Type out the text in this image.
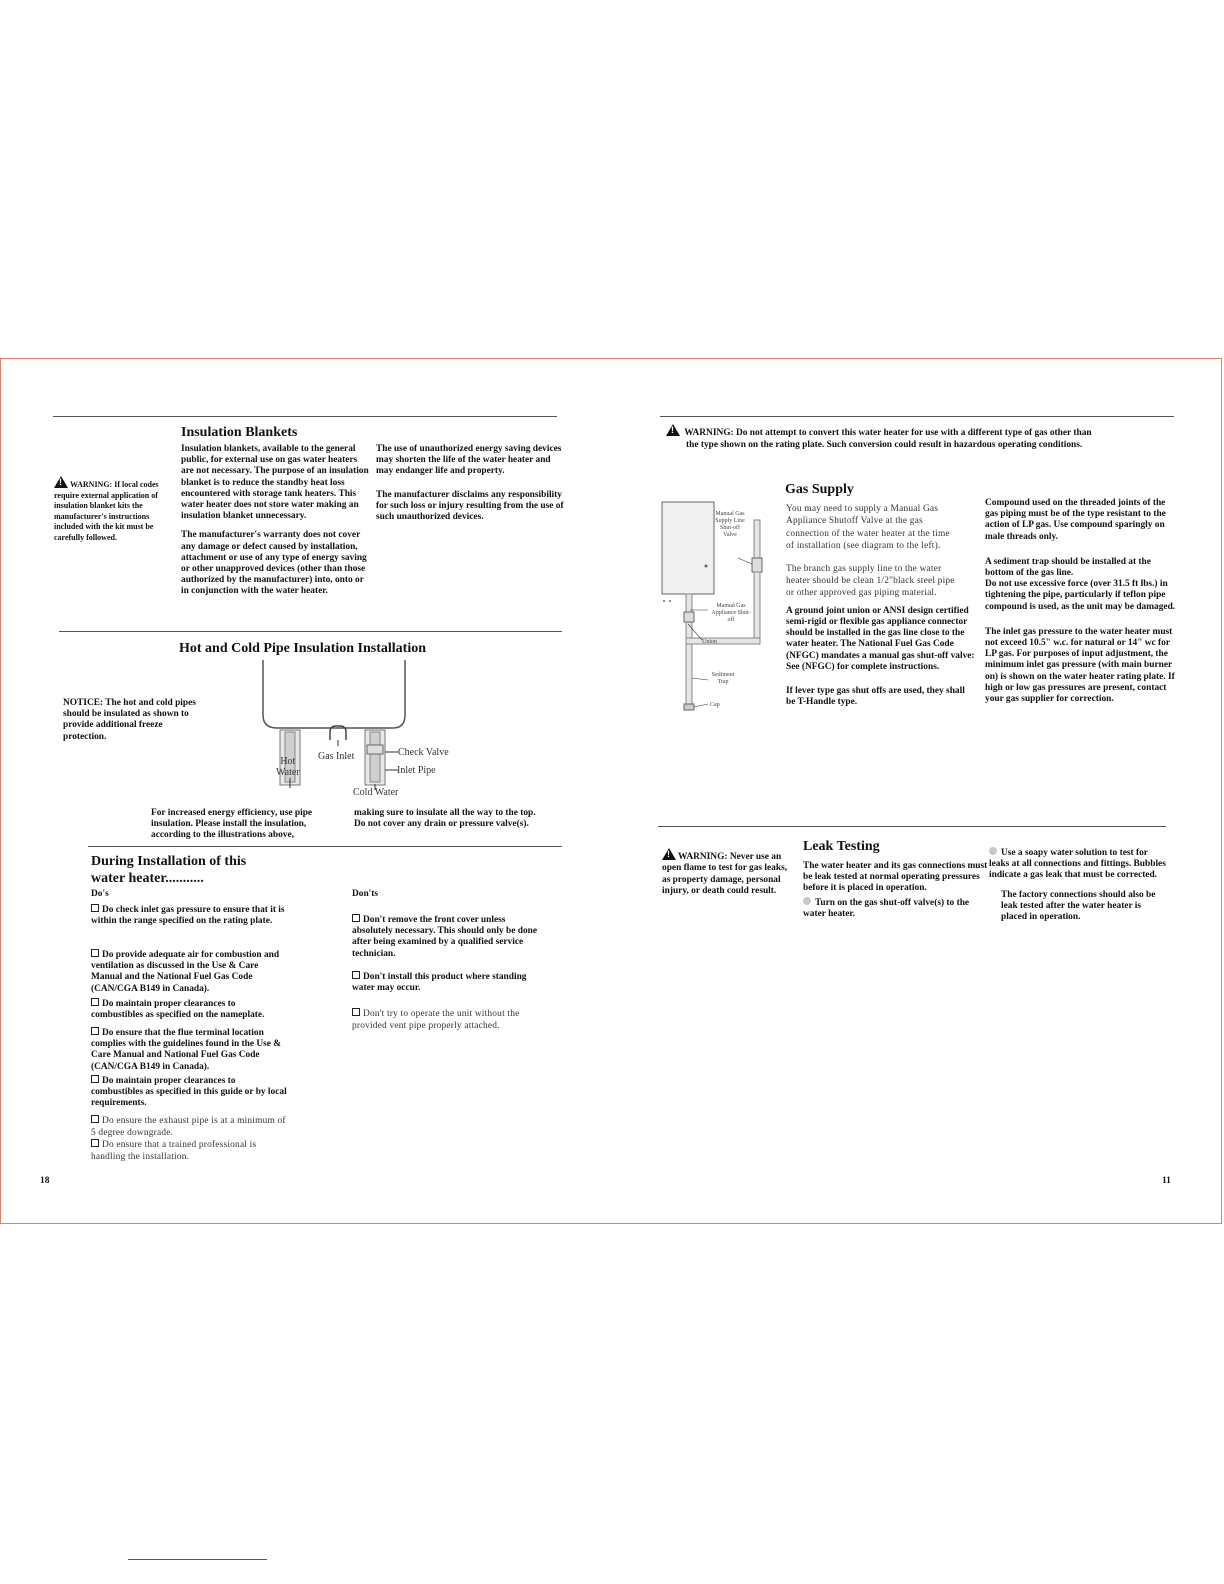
Insulation Blankets
!WARNING: If local codes require external application of insulation blanket kits the manufacturer's instructions included with the kit must be carefully followed.

Insulation blankets, available to the general public, for external use on gas water heaters are not necessary. The purpose of an insulation blanket is to reduce the standby heat loss encountered with storage tank heaters. This water heater does not store water making an insulation blanket unnecessary.

The manufacturer's warranty does not cover any damage or defect caused by installation, attachment or use of any type of energy saving or other unapproved devices (other than those authorized by the manufacturer) into, onto or in conjunction with the water heater.

The use of unauthorized energy saving devices may shorten the life of the water heater and may endanger life and property.

The manufacturer disclaims any responsibility for such loss or injury resulting from the use of such unauthorized devices.

Hot and Cold Pipe Insulation Installation
NOTICE: The hot and cold pipes should be insulated as shown to provide additional freeze protection.
Hot
Water
Gas Inlet	Check Valve
Inlet Pipe
Cold Water
For increased energy efficiency, use pipe insulation. Please install the insulation, according to the illustrations above,
making sure to insulate all the way to the top. Do not cover any drain or pressure valve(s).
During Installation of this
water heater...........
Do's	Don'ts
Do check inlet gas pressure to ensure that it is within the range specified on the rating plate.
Do provide adequate air for combustion and ventilation as discussed in the Use & Care Manual and the National Fuel Gas Code (CAN/CGA B149 in Canada).
Do maintain proper clearances to combustibles as specified on the nameplate.
Do ensure that the flue terminal location complies with the guidelines found in the Use & Care Manual and National Fuel Gas Code (CAN/CGA B149 in Canada).
Do maintain proper clearances to combustibles as specified in this guide or by local requirements.
Do ensure the exhaust pipe is at a minimum of 5 degree downgrade.
Do ensure that a trained professional is handling the installation.
Don't remove the front cover unless absolutely necessary. This should only be done after being examined by a qualified service technician.
Don't install this product where standing water may occur.
Don't try to operate the unit without the provided vent pipe properly attached.
18
! WARNING: Do not attempt to convert this water heater for use with a different type of gas other than
the type shown on the rating plate. Such conversion could result in hazardous operating conditions.
Gas Supply
Manual Gas Supply Line Shut-off Valve
Manual Gas Appliance Shut-off
Union
Sediment Trap
Cap

You may need to supply a Manual Gas Appliance Shutoff Valve at the gas connection of the water heater at the time of installation (see diagram to the left).

The branch gas supply line to the water heater should be clean 1/2"black steel pipe or other approved gas piping material.

A ground joint union or ANSI design certified semi-rigid or flexible gas appliance connector should be installed in the gas line close to the water heater. The National Fuel Gas Code (NFGC) mandates a manual gas shut-off valve: See (NFGC) for complete instructions.

If lever type gas shut offs are used, they shall be T-Handle type.

Compound used on the threaded joints of the gas piping must be of the type resistant to the action of LP gas. Use compound sparingly on male threads only.

A sediment trap should be installed at the bottom of the gas line.

Do not use excessive force (over 31.5 ft lbs.) in tightening the pipe, particularly if teflon pipe compound is used, as the unit may be damaged.

The inlet gas pressure to the water heater must not exceed 10.5" w.c. for natural or 14" wc for LP gas. For purposes of input adjustment, the minimum inlet gas pressure (with main burner on) is shown on the water heater rating plate. If high or low gas pressures are present, contact your gas supplier for correction.

!WARNING: Never use an open flame to test for gas leaks, as property damage, personal injury, or death could result.
Leak Testing

The water heater and its gas connections must be leak tested at normal operating pressures before it is placed in operation.

Turn on the gas shut-off valve(s) to the water heater.

Use a soapy water solution to test for leaks at all connections and fittings. Bubbles indicate a gas leak that must be corrected.

The factory connections should also be leak tested after the water heater is placed in operation.

11
